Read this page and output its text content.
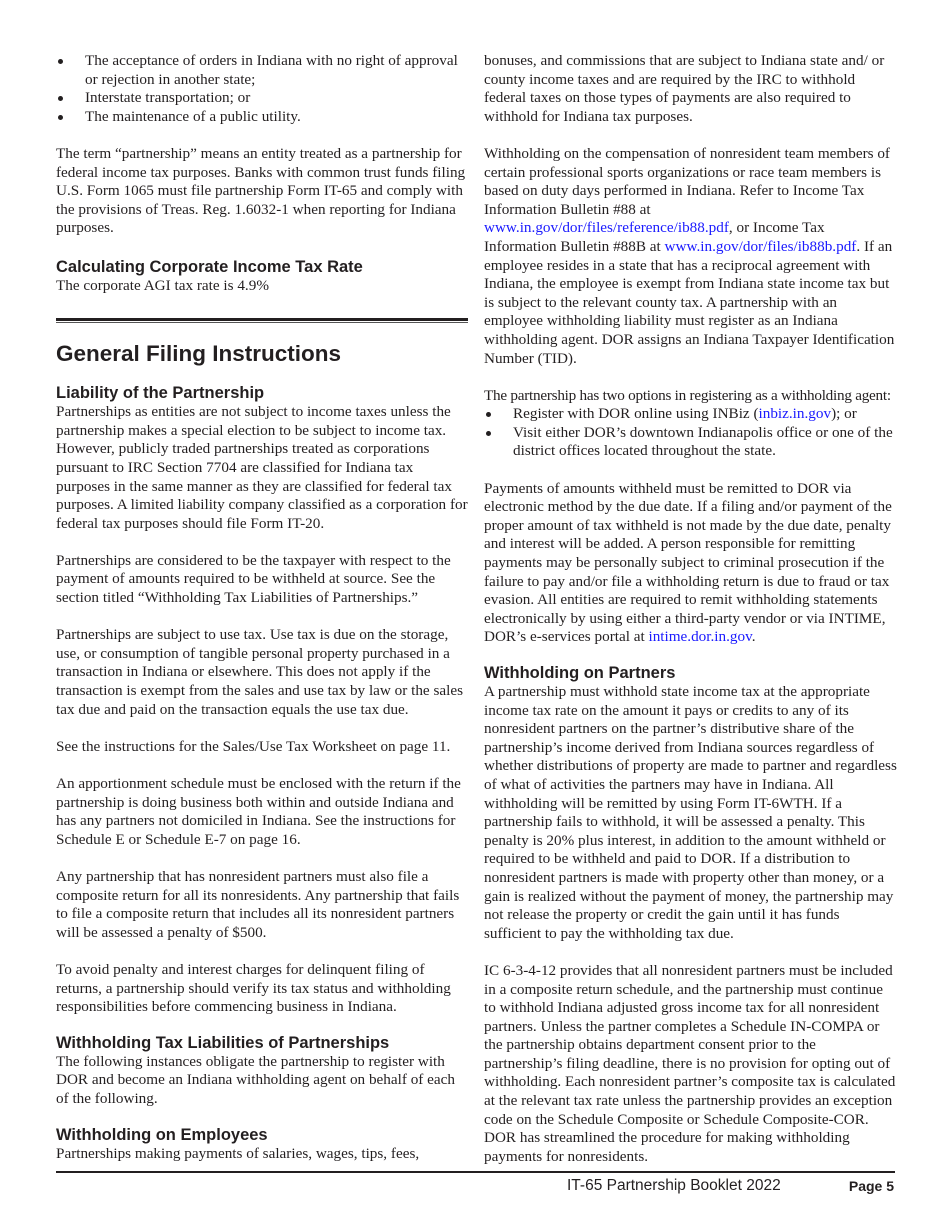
The acceptance of orders in Indiana with no right of approval or rejection in another state;
Interstate transportation; or
The maintenance of a public utility.

The term “partnership” means an entity treated as a partnership for federal income tax purposes. Banks with common trust funds filing U.S. Form 1065 must file partnership Form IT-65 and comply with the provisions of Treas. Reg. 1.6032-1 when reporting for Indiana purposes.

Calculating Corporate Income Tax Rate

The corporate AGI tax rate is 4.9%

General Filing Instructions
Liability of the Partnership

Partnerships as entities are not subject to income taxes unless the partnership makes a special election to be subject to income tax. However, publicly traded partnerships treated as corporations pursuant to IRC Section 7704 are classified for Indiana tax purposes in the same manner as they are classified for federal tax purposes. A limited liability company classified as a corporation for federal tax purposes should file Form IT-20.

Partnerships are considered to be the taxpayer with respect to the payment of amounts required to be withheld at source. See the section titled “Withholding Tax Liabilities of Partnerships.”

Partnerships are subject to use tax. Use tax is due on the storage, use, or consumption of tangible personal property purchased in a transaction in Indiana or elsewhere. This does not apply if the transaction is exempt from the sales and use tax by law or the sales tax due and paid on the transaction equals the use tax due.

See the instructions for the Sales/Use Tax Worksheet on page 11.

An apportionment schedule must be enclosed with the return if the partnership is doing business both within and outside Indiana and has any partners not domiciled in Indiana. See the instructions for Schedule E or Schedule E-7 on page 16.

Any partnership that has nonresident partners must also file a composite return for all its nonresidents. Any partnership that fails to file a composite return that includes all its nonresident partners will be assessed a penalty of $500.

To avoid penalty and interest charges for delinquent filing of returns, a partnership should verify its tax status and withholding responsibilities before commencing business in Indiana.

Withholding Tax Liabilities of Partnerships

The following instances obligate the partnership to register with DOR and become an Indiana withholding agent on behalf of each of the following.

Withholding on Employees

Partnerships making payments of salaries, wages, tips, fees,

bonuses, and commissions that are subject to Indiana state and/ or county income taxes and are required by the IRC to withhold federal taxes on those types of payments are also required to withhold for Indiana tax purposes.

Withholding on the compensation of nonresident team members of certain professional sports organizations or race team members is based on duty days performed in Indiana. Refer to Income Tax Information Bulletin #88 at www.in.gov/dor/files/reference/ib88.pdf, or Income Tax Information Bulletin #88B at www.in.gov/dor/files/ib88b.pdf. If an employee resides in a state that has a reciprocal agreement with Indiana, the employee is exempt from Indiana state income tax but is subject to the relevant county tax. A partnership with an employee withholding liability must register as an Indiana withholding agent. DOR assigns an Indiana Taxpayer Identification Number (TID).

The partnership has two options in registering as a withholding agent:

Register with DOR online using INBiz (inbiz.in.gov); or
Visit either DOR’s downtown Indianapolis office or one of the district offices located throughout the state.

Payments of amounts withheld must be remitted to DOR via electronic method by the due date. If a filing and/or payment of the proper amount of tax withheld is not made by the due date, penalty and interest will be added. A person responsible for remitting payments may be personally subject to criminal prosecution if the failure to pay and/or file a withholding return is due to fraud or tax evasion. All entities are required to remit withholding statements electronically by using either a third-party vendor or via INTIME, DOR’s e-services portal at intime.dor.in.gov.

Withholding on Partners

A partnership must withhold state income tax at the appropriate income tax rate on the amount it pays or credits to any of its nonresident partners on the partner’s distributive share of the partnership’s income derived from Indiana sources regardless of whether distributions of property are made to partner and regardless of what of activities the partners may have in Indiana. All withholding will be remitted by using Form IT-6WTH. If a partnership fails to withhold, it will be assessed a penalty. This penalty is 20% plus interest, in addition to the amount withheld or required to be withheld and paid to DOR. If a distribution to nonresident partners is made with property other than money, or a gain is realized without the payment of money, the partnership may not release the property or credit the gain until it has funds sufficient to pay the withholding tax due.

IC 6-3-4-12 provides that all nonresident partners must be included in a composite return schedule, and the partnership must continue to withhold Indiana adjusted gross income tax for all nonresident partners. Unless the partner completes a Schedule IN-COMPA or the partnership obtains department consent prior to the partnership’s filing deadline, there is no provision for opting out of withholding. Each nonresident partner’s composite tax is calculated at the relevant tax rate unless the partnership provides an exception code on the Schedule Composite or Schedule Composite-COR. DOR has streamlined the procedure for making withholding payments for nonresidents.

IT-65 Partnership Booklet 2022	Page 5
